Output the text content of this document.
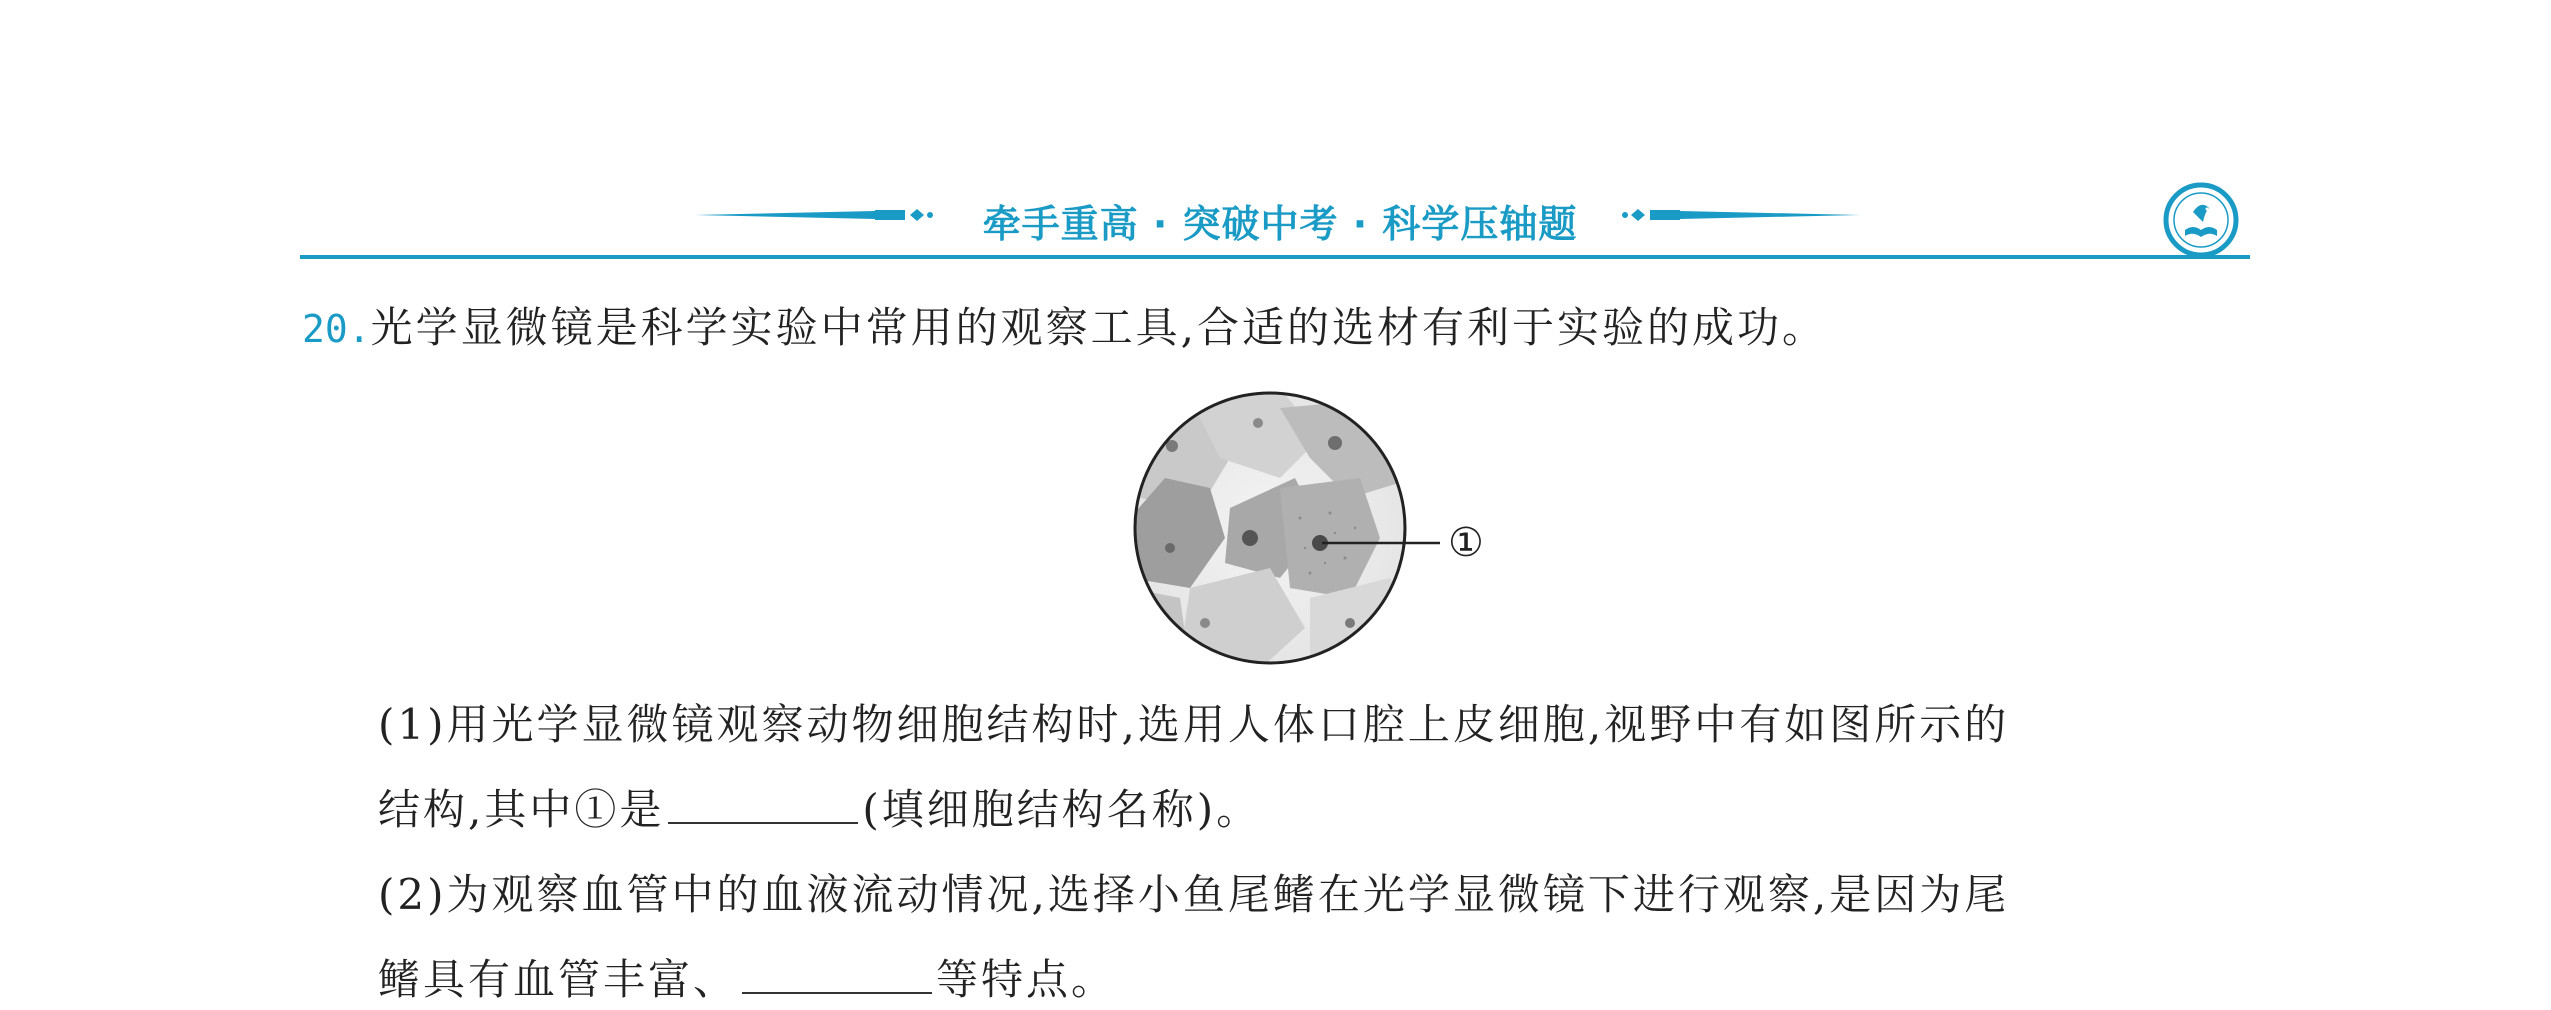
牵手重高 · 突破中考 · 科学压轴题
20.光学显微镜是科学实验中常用的观察工具,合适的选材有利于实验的成功。
①
(1)用光学显微镜观察动物细胞结构时,选用人体口腔上皮细胞,视野中有如图所示的
结构,其中①是	(填细胞结构名称)。
(2)为观察血管中的血液流动情况,选择小鱼尾鳍在光学显微镜下进行观察,是因为尾
鳍具有血管丰富、	等特点。
